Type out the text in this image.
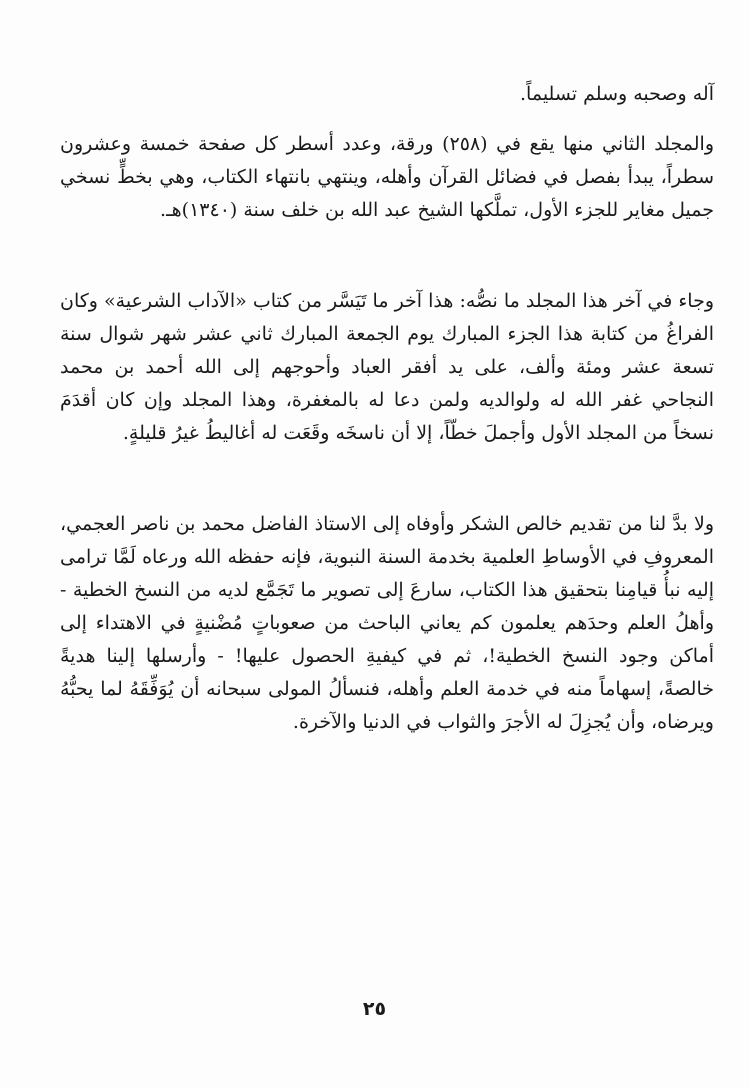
آله وصحبه وسلم تسليماً.

والمجلد الثاني منها يقع في (٢٥٨) ورقة، وعدد أسطر كل صفحة خمسة وعشرون سطراً، يبدأ بفصل في فضائل القرآن وأهله، وينتهي بانتهاء الكتاب، وهي بخطٍّ نسخي جميل مغاير للجزء الأول، تملَّكها الشيخ عبد الله بن خلف سنة (١٣٤٠)هـ.

وجاء في آخر هذا المجلد ما نصُّه: هذا آخر ما تَيَسَّر من كتاب «الآداب الشرعية» وكان الفراغُ من كتابة هذا الجزء المبارك يوم الجمعة المبارك ثاني عشر شهر شوال سنة تسعة عشر ومئة وألف، على يد أفقر العباد وأحوجهم إلى الله أحمد بن محمد النجاحي غفر الله له ولوالديه ولمن دعا له بالمغفرة، وهذا المجلد وإن كان أقدَمَ نسخاً من المجلد الأول وأجملَ خطّاً، إلا أن ناسخَه وقَعَت له أغاليطُ غيرُ قليلةٍ.

ولا بدَّ لنا من تقديم خالص الشكر وأوفاه إلى الاستاذ الفاضل محمد بن ناصر العجمي، المعروفِ في الأوساطِ العلمية بخدمة السنة النبوية، فإنه حفظه الله ورعاه لَمَّا ترامى إليه نبأُ قيامِنا بتحقيق هذا الكتاب، سارعَ إلى تصوير ما تَجَمَّع لديه من النسخ الخطية - وأهلُ العلم وحدَهم يعلمون كم يعاني الباحث من صعوباتٍ مُضْنيةٍ في الاهتداء إلى أماكن وجود النسخ الخطية!، ثم في كيفيةِ الحصول عليها! - وأرسلها إلينا هديةً خالصةً، إسهاماً منه في خدمة العلم وأهله، فنسألُ المولى سبحانه أن يُوَفِّقَهُ لما يحبُّهُ ويرضاه، وأن يُجزِلَ له الأجرَ والثواب في الدنيا والآخرة.

٢٥
